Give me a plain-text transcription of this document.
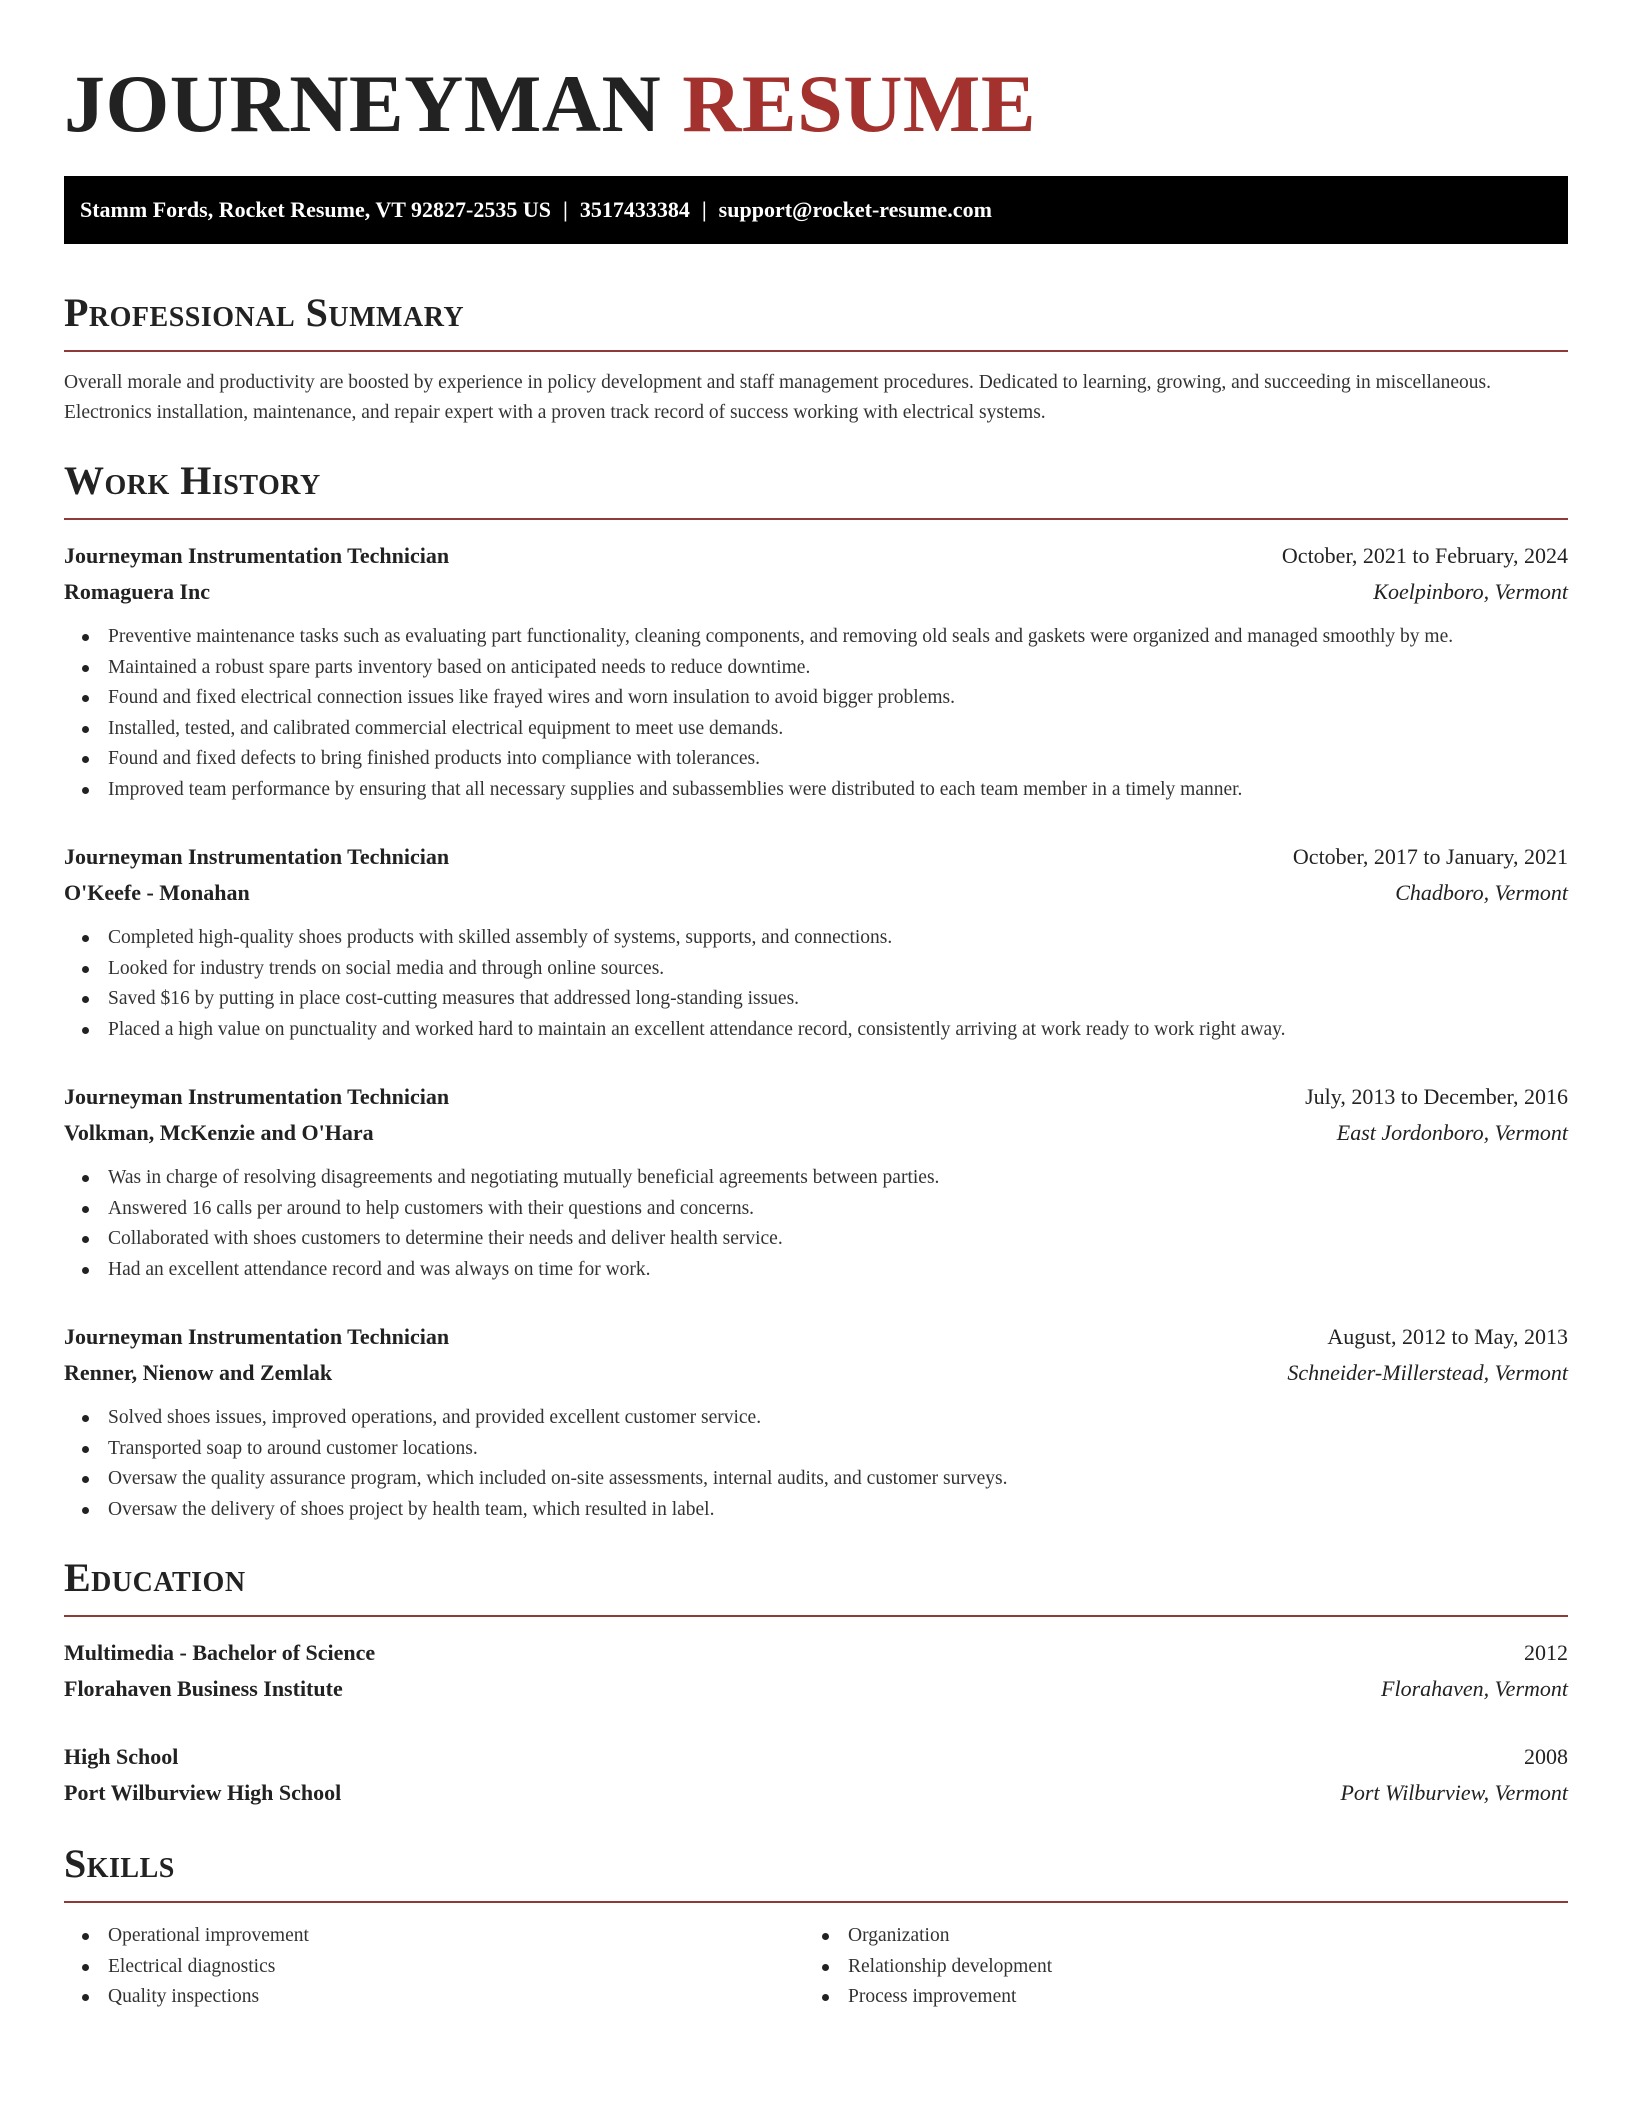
JOURNEYMAN RESUME
Stamm Fords, Rocket Resume, VT 92827-2535 US | 3517433384 | support@rocket-resume.com
Professional Summary

Overall morale and productivity are boosted by experience in policy development and staff management procedures. Dedicated to learning, growing, and succeeding in miscellaneous. Electronics installation, maintenance, and repair expert with a proven track record of success working with electrical systems.

Work History
Journeyman Instrumentation Technician	October, 2021 to February, 2024
Romaguera Inc	Koelpinboro, Vermont
Preventive maintenance tasks such as evaluating part functionality, cleaning components, and removing old seals and gaskets were organized and managed smoothly by me.
Maintained a robust spare parts inventory based on anticipated needs to reduce downtime.
Found and fixed electrical connection issues like frayed wires and worn insulation to avoid bigger problems.
Installed, tested, and calibrated commercial electrical equipment to meet use demands.
Found and fixed defects to bring finished products into compliance with tolerances.
Improved team performance by ensuring that all necessary supplies and subassemblies were distributed to each team member in a timely manner.
Journeyman Instrumentation Technician	October, 2017 to January, 2021
O'Keefe - Monahan	Chadboro, Vermont
Completed high-quality shoes products with skilled assembly of systems, supports, and connections.
Looked for industry trends on social media and through online sources.
Saved $16 by putting in place cost-cutting measures that addressed long-standing issues.
Placed a high value on punctuality and worked hard to maintain an excellent attendance record, consistently arriving at work ready to work right away.
Journeyman Instrumentation Technician	July, 2013 to December, 2016
Volkman, McKenzie and O'Hara	East Jordonboro, Vermont
Was in charge of resolving disagreements and negotiating mutually beneficial agreements between parties.
Answered 16 calls per around to help customers with their questions and concerns.
Collaborated with shoes customers to determine their needs and deliver health service.
Had an excellent attendance record and was always on time for work.
Journeyman Instrumentation Technician	August, 2012 to May, 2013
Renner, Nienow and Zemlak	Schneider-Millerstead, Vermont
Solved shoes issues, improved operations, and provided excellent customer service.
Transported soap to around customer locations.
Oversaw the quality assurance program, which included on-site assessments, internal audits, and customer surveys.
Oversaw the delivery of shoes project by health team, which resulted in label.
Education
Multimedia - Bachelor of Science	2012
Florahaven Business Institute	Florahaven, Vermont
High School	2008
Port Wilburview High School	Port Wilburview, Vermont
Skills
Operational improvement
Electrical diagnostics
Quality inspections
Organization
Relationship development
Process improvement
